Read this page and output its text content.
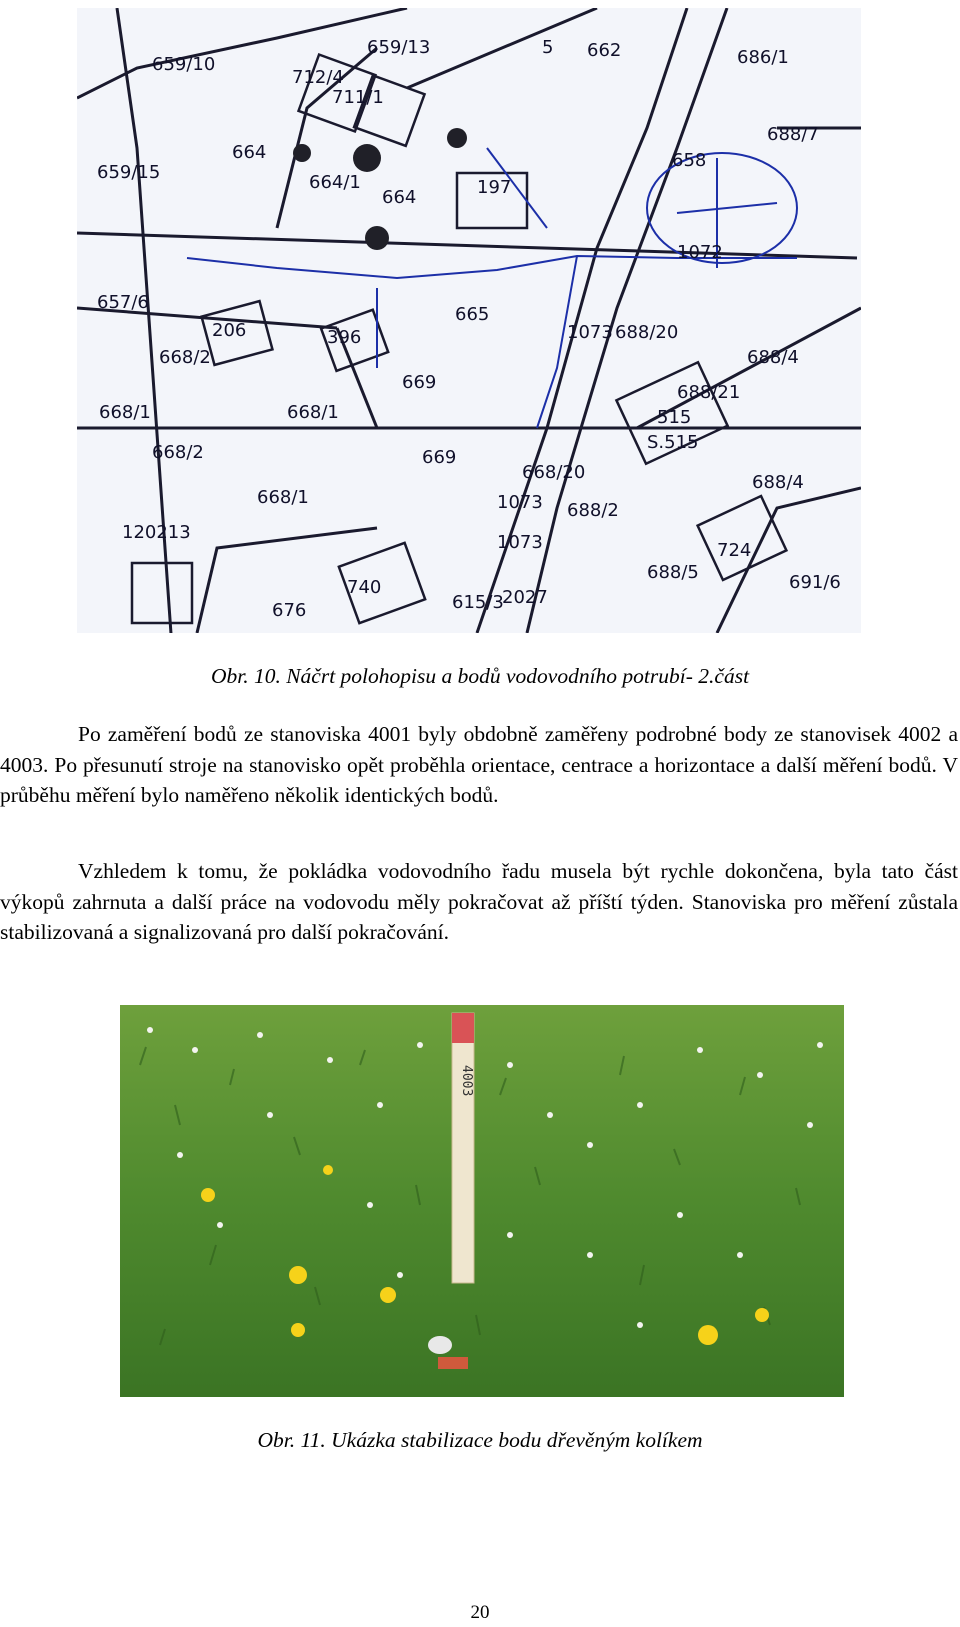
659/10
659/13	5 662	686/1
712/4
711/1
664
664/1
664	197
658
688/7
659/15
1072
657/6
206	396
665
1073 688/20
668/2	688/4
668/1
669
668/1	515
S.515
688/21
668/2	669
1073
668/20	688/4
668/1
688/2
120213
688/5
724
691/6
740	2027
676	615/3
1073
Obr. 10. Náčrt polohopisu a bodů vodovodního potrubí- 2.část

Po zaměření bodů ze stanoviska 4001 byly obdobně zaměřeny podrobné body ze stanovisek 4002 a 4003. Po přesunutí stroje na stanovisko opět proběhla orientace, centrace a horizontace a další měření bodů. V průběhu měření bylo naměřeno několik identických bodů.

Vzhledem k tomu, že pokládka vodovodního řadu musela být rychle dokončena, byla tato část výkopů zahrnuta a další práce na vodovodu měly pokračovat až příští týden. Stanoviska pro měření zůstala stabilizovaná a signalizovaná pro další pokračování.

4003
Obr. 11. Ukázka stabilizace bodu dřevěným kolíkem
20
